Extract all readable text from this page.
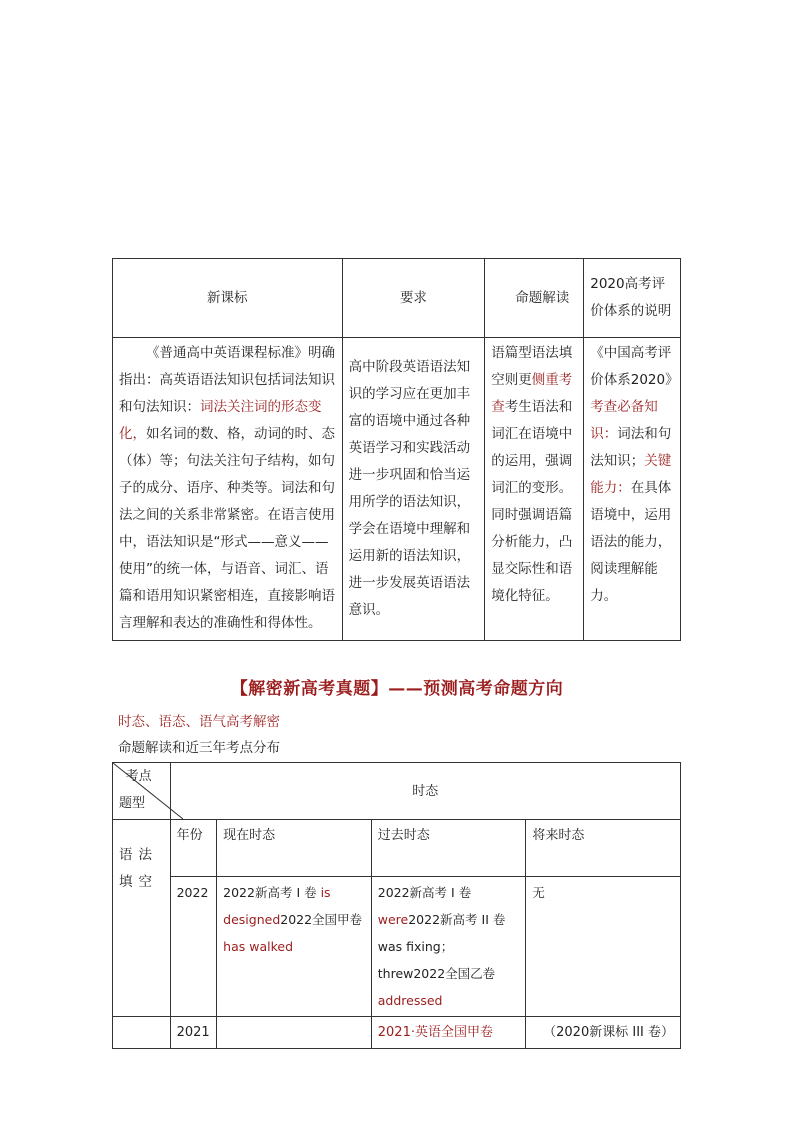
新课标	要求	命题解读	2020高考评价体系的说明
《普通高中英语课程标准》明确指出：高英语语法知识包括词法知识和句法知识：词法关注词的形态变化，如名词的数、格，动词的时、态（体）等；句法关注句子结构，如句子的成分、语序、种类等。词法和句法之间的关系非常紧密。在语言使用中，语法知识是“形式——意义——使用”的统一体，与语音、词汇、语篇和语用知识紧密相连，直接影响语言理解和表达的准确性和得体性。	高中阶段英语语法知识的学习应在更加丰富的语境中通过各种英语学习和实践活动进一步巩固和恰当运用所学的语法知识，学会在语境中理解和运用新的语法知识，进一步发展英语语法意识。	语篇型语法填空则更侧重考查考生语法和词汇在语境中的运用，强调词汇的变形。同时强调语篇分析能力，凸显交际性和语境化特征。	《中国高考评价体系2020》考查必备知识：词法和句法知识；关键能力：在具体语境中，运用语法的能力，阅读理解能力。
【解密新高考真题】——预测高考命题方向
时态、语态、语气高考解密
命题解读和近三年考点分布
考点
题型	时态			
语法填空	年份	现在时态	过去时态	将来时态
	2022	2022新高考 I 卷 is designed2022全国甲卷 has walked	2022新高考 I 卷 were2022新高考 II 卷 was fixing；threw2022全国乙卷 addressed	无
	2021		2021·英语全国甲卷	（2020新课标 III 卷）
